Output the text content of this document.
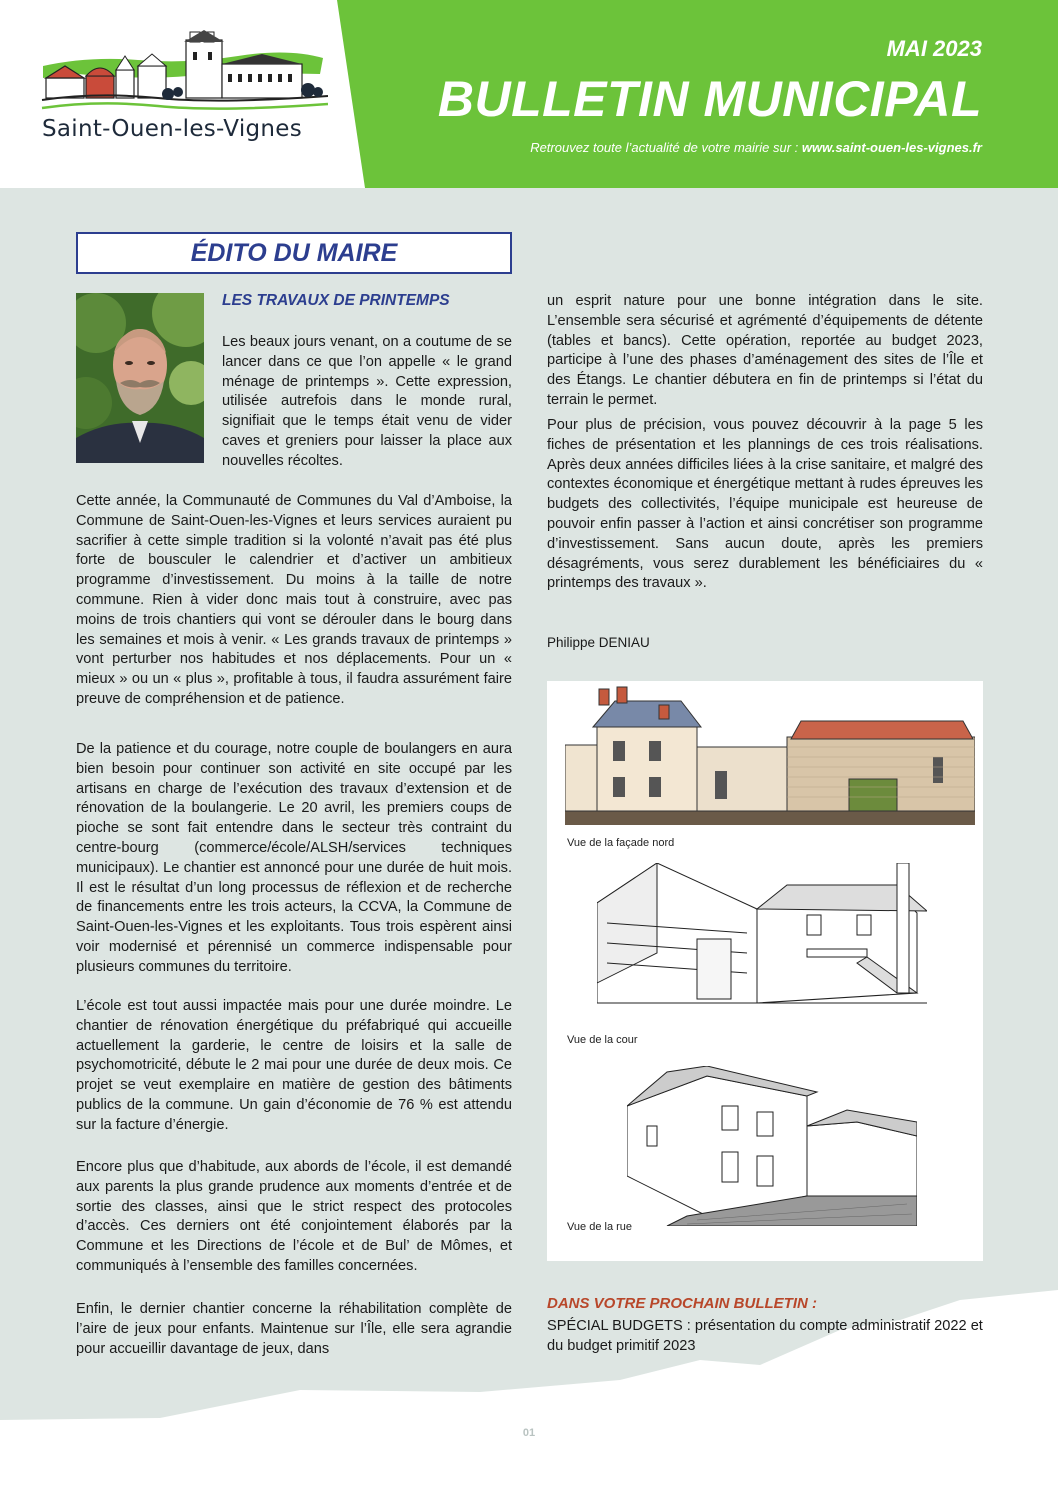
Saint-Ouen-les-Vignes
MAI 2023
BULLETIN MUNICIPAL
Retrouvez toute l’actualité de votre mairie sur : www.saint-ouen-les-vignes.fr
ÉDITO DU MAIRE
LES TRAVAUX DE PRINTEMPS

Les beaux jours venant, on a coutume de se lancer dans ce que l’on appelle « le grand ménage de printemps ». Cette expression, utilisée autrefois dans le monde rural, signifiait que le temps était venu de vider caves et greniers pour laisser la place aux nouvelles récoltes.

Cette année, la Communauté de Communes du Val d’Amboise, la Commune de Saint-Ouen-les-Vignes et leurs services auraient pu sacrifier à cette simple tradition si la volonté n’avait pas été plus forte de bousculer le calendrier et d’activer un ambitieux programme d’investissement. Du moins à la taille de notre commune. Rien à vider donc mais tout à construire, avec pas moins de trois chantiers qui vont se dérouler dans le bourg dans les semaines et mois à venir. « Les grands travaux de printemps » vont perturber nos habitudes et nos déplacements. Pour un « mieux » ou un « plus », profitable à tous, il faudra assurément faire preuve de compréhension et de patience.

De la patience et du courage, notre couple de boulangers en aura bien besoin pour continuer son activité en site occupé par les artisans en charge de l’exécution des travaux d’extension et de rénovation de la boulangerie. Le 20 avril, les premiers coups de pioche se sont fait entendre dans le secteur très contraint du centre-bourg (commerce/école/ALSH/services techniques municipaux). Le chantier est annoncé pour une durée de huit mois. Il est le résultat d’un long processus de réflexion et de recherche de financements entre les trois acteurs, la CCVA, la Commune de Saint-Ouen-les-Vignes et les exploitants. Tous trois espèrent ainsi voir modernisé et pérennisé un commerce indispensable pour plusieurs communes du territoire.

L’école est tout aussi impactée mais pour une durée moindre. Le chantier de rénovation énergétique du préfabriqué qui accueille actuellement la garderie, le centre de loisirs et la salle de psychomotricité, débute le 2 mai pour une durée de deux mois. Ce projet se veut exemplaire en matière de gestion des bâtiments publics de la commune. Un gain d’économie de 76 % est attendu sur la facture d’énergie.

Encore plus que d’habitude, aux abords de l’école, il est demandé aux parents la plus grande prudence aux moments d’entrée et de sortie des classes, ainsi que le strict respect des protocoles d’accès. Ces derniers ont été conjointement élaborés par la Commune et les Directions de l’école et de Bul’ de Mômes, et communiqués à l’ensemble des familles concernées.

Enfin, le dernier chantier concerne la réhabilitation complète de l’aire de jeux pour enfants. Maintenue sur l’Île, elle sera agrandie pour accueillir davantage de jeux, dans

un esprit nature pour une bonne intégration dans le site. L’ensemble sera sécurisé et agrémenté d’équipements de détente (tables et bancs). Cette opération, reportée au budget 2023, participe à l’une des phases d’aménagement des sites de l’Île et des Étangs. Le chantier débutera en fin de printemps si l’état du terrain le permet.

Pour plus de précision, vous pouvez découvrir à la page 5 les fiches de présentation et les plannings de ces trois réalisations. Après deux années difficiles liées à la crise sanitaire, et malgré des contextes économique et énergétique mettant à rudes épreuves les budgets des collectivités, l’équipe municipale est heureuse de pouvoir enfin passer à l’action et ainsi concrétiser son programme d’investissement. Sans aucun doute, après les premiers désagréments, vous serez durablement les bénéficiaires du « printemps des travaux ».

Philippe DENIAU
Vue de la façade nord
Vue de la cour
Vue de la rue
DANS VOTRE PROCHAIN BULLETIN :

SPÉCIAL BUDGETS : présentation du compte administratif 2022 et du budget primitif 2023

01
